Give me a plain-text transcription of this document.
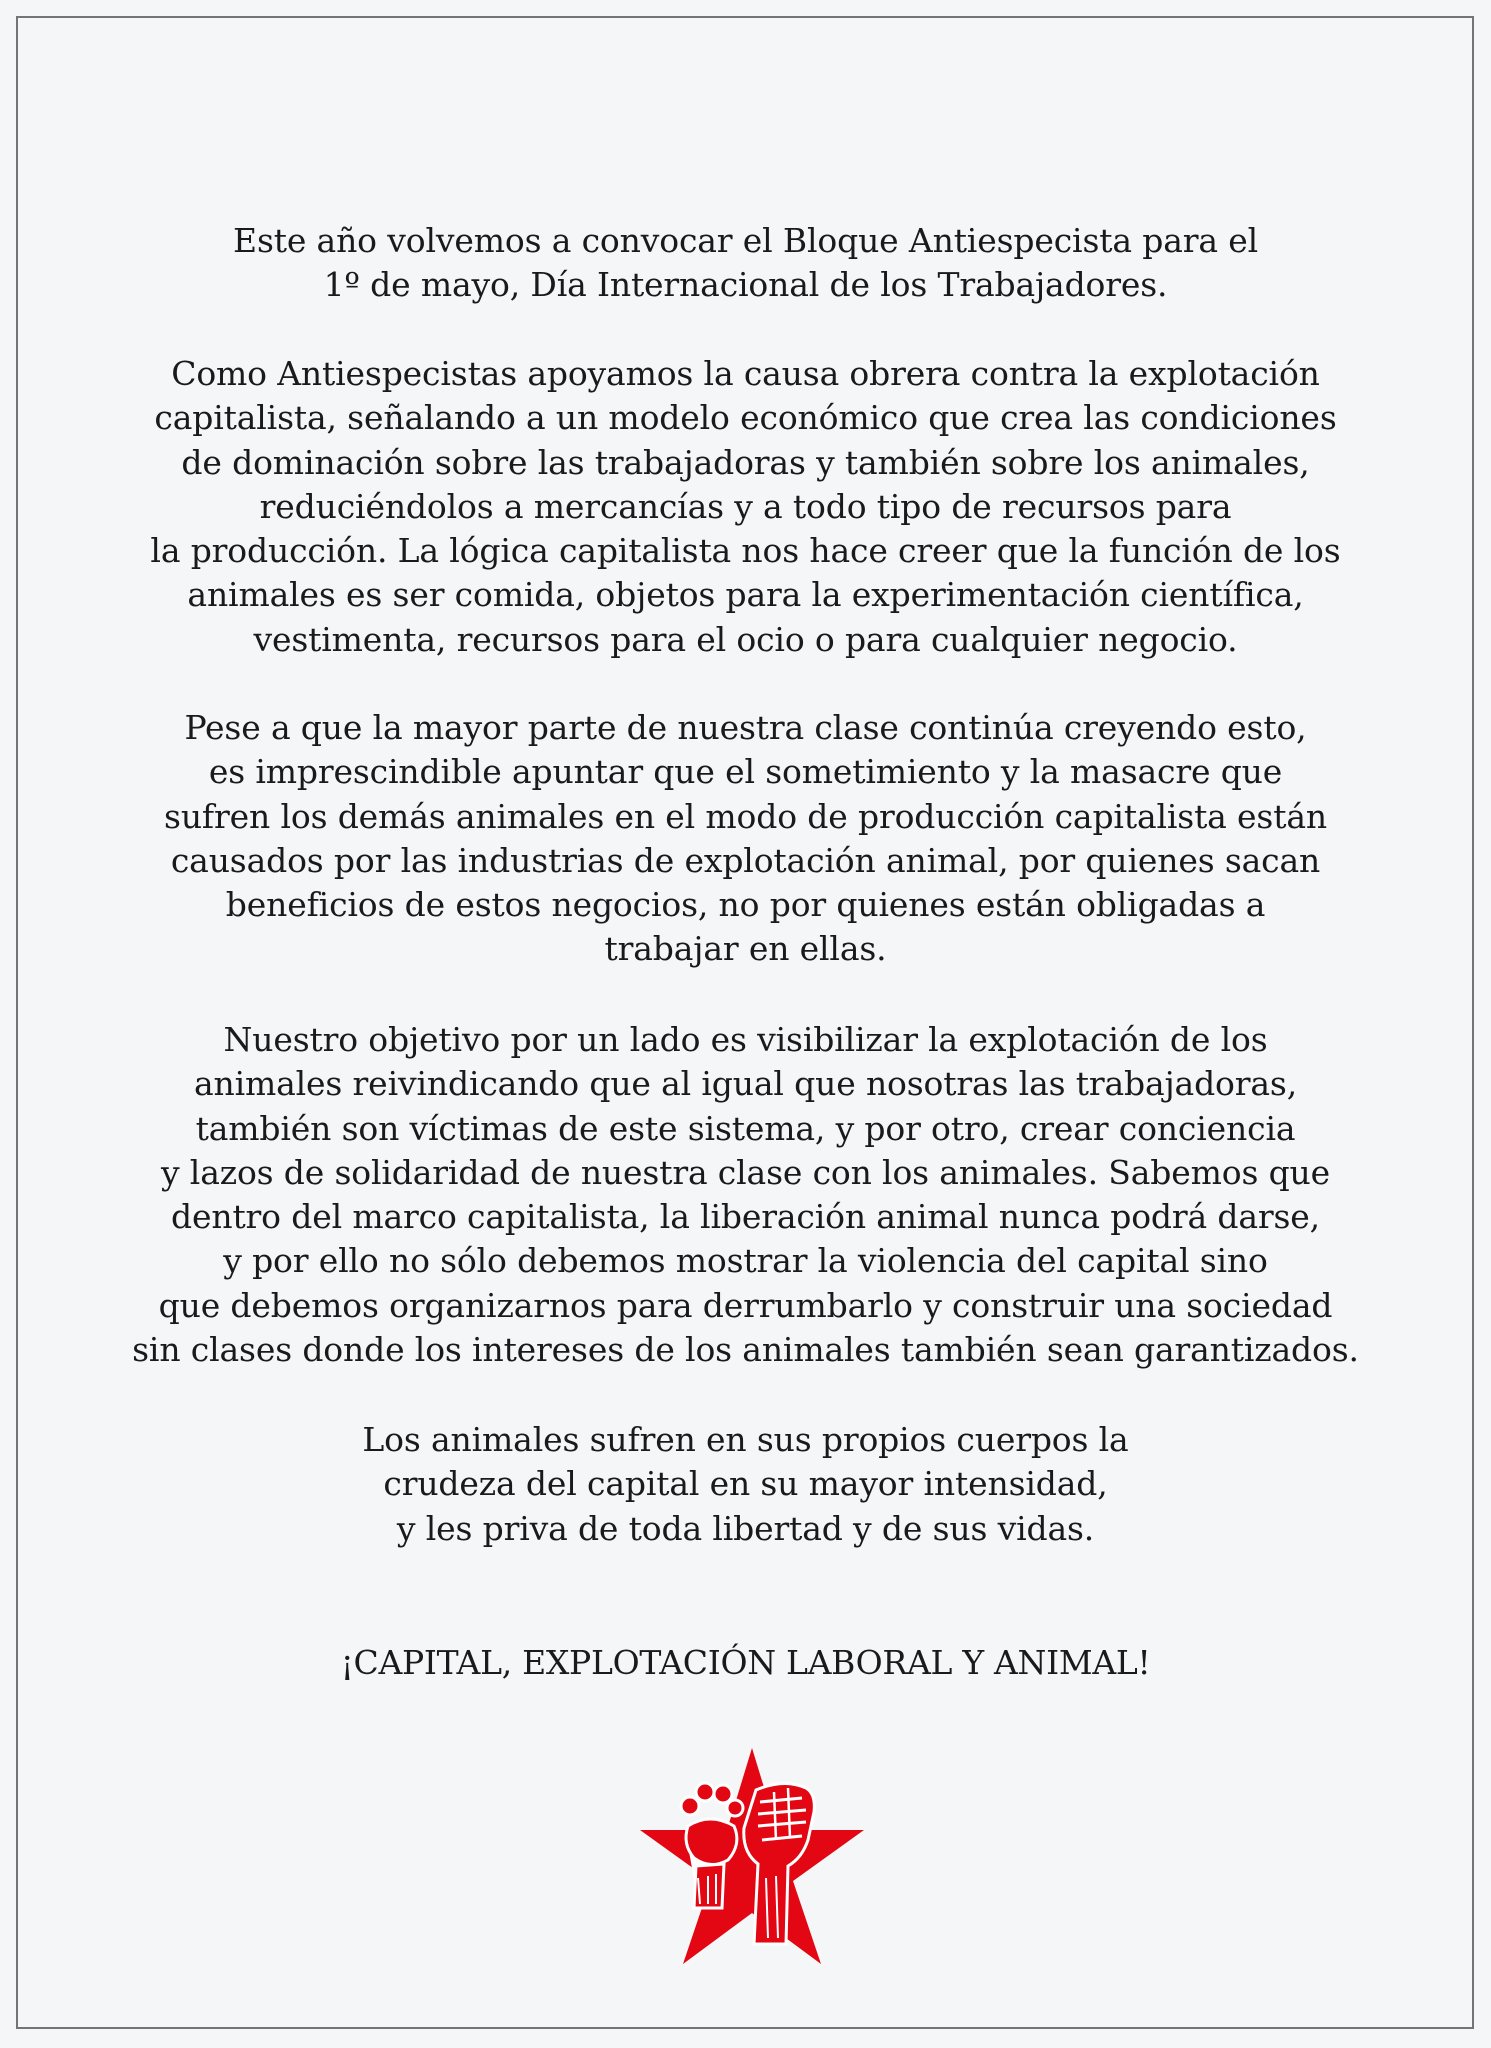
Este año volvemos a convocar el Bloque Antiespecista para el
1º de mayo, Día Internacional de los Trabajadores.
Como Antiespecistas apoyamos la causa obrera contra la explotación
capitalista, señalando a un modelo económico que crea las condiciones
de dominación sobre las trabajadoras y también sobre los animales,
reduciéndolos a mercancías y a todo tipo de recursos para
la producción. La lógica capitalista nos hace creer que la función de los
animales es ser comida, objetos para la experimentación científica,
vestimenta, recursos para el ocio o para cualquier negocio.
Pese a que la mayor parte de nuestra clase continúa creyendo esto,
es imprescindible apuntar que el sometimiento y la masacre que
sufren los demás animales en el modo de producción capitalista están
causados por las industrias de explotación animal, por quienes sacan
beneficios de estos negocios, no por quienes están obligadas a
trabajar en ellas.
Nuestro objetivo por un lado es visibilizar la explotación de los
animales reivindicando que al igual que nosotras las trabajadoras,
también son víctimas de este sistema, y por otro, crear conciencia
y lazos de solidaridad de nuestra clase con los animales. Sabemos que
dentro del marco capitalista, la liberación animal nunca podrá darse,
y por ello no sólo debemos mostrar la violencia del capital sino
que debemos organizarnos para derrumbarlo y construir una sociedad
sin clases donde los intereses de los animales también sean garantizados.
Los animales sufren en sus propios cuerpos la
crudeza del capital en su mayor intensidad,
y les priva de toda libertad y de sus vidas.
¡CAPITAL, EXPLOTACIÓN LABORAL Y ANIMAL!
